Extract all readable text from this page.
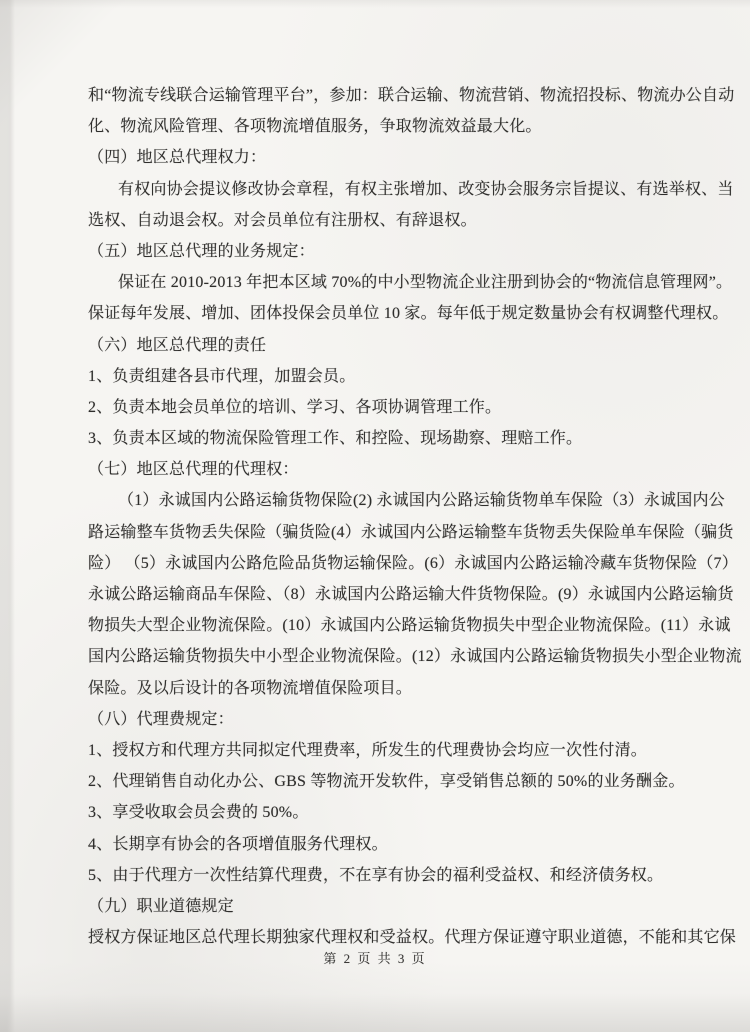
和“物流专线联合运输管理平台”，参加：联合运输、物流营销、物流招投标、物流办公自动
化、物流风险管理、各项物流增值服务，争取物流效益最大化。
（四）地区总代理权力：
有权向协会提议修改协会章程，有权主张增加、改变协会服务宗旨提议、有选举权、当
选权、自动退会权。对会员单位有注册权、有辞退权。
（五）地区总代理的业务规定：
保证在 2010-2013 年把本区域 70%的中小型物流企业注册到协会的“物流信息管理网”。
保证每年发展、增加、团体投保会员单位 10 家。每年低于规定数量协会有权调整代理权。
（六）地区总代理的责任
1、负责组建各县市代理，加盟会员。
2、负责本地会员单位的培训、学习、各项协调管理工作。
3、负责本区域的物流保险管理工作、和控险、现场勘察、理赔工作。
（七）地区总代理的代理权：
（1）永诚国内公路运输货物保险(2) 永诚国内公路运输货物单车保险（3）永诚国内公
路运输整车货物丢失保险（骗货险(4）永诚国内公路运输整车货物丢失保险单车保险（骗货
险） （5）永诚国内公路危险品货物运输保险。(6）永诚国内公路运输冷藏车货物保险（7）
永诚公路运输商品车保险、（8）永诚国内公路运输大件货物保险。(9）永诚国内公路运输货
物损失大型企业物流保险。(10）永诚国内公路运输货物损失中型企业物流保险。(11）永诚
国内公路运输货物损失中小型企业物流保险。(12）永诚国内公路运输货物损失小型企业物流
保险。及以后设计的各项物流增值保险项目。
（八）代理费规定：
1、授权方和代理方共同拟定代理费率，所发生的代理费协会均应一次性付清。
2、代理销售自动化办公、GBS 等物流开发软件，享受销售总额的 50%的业务酬金。
3、享受收取会员会费的 50%。
4、长期享有协会的各项增值服务代理权。
5、由于代理方一次性结算代理费，不在享有协会的福利受益权、和经济债务权。
（九）职业道德规定
授权方保证地区总代理长期独家代理权和受益权。代理方保证遵守职业道德，不能和其它保
第 2 页 共 3 页
